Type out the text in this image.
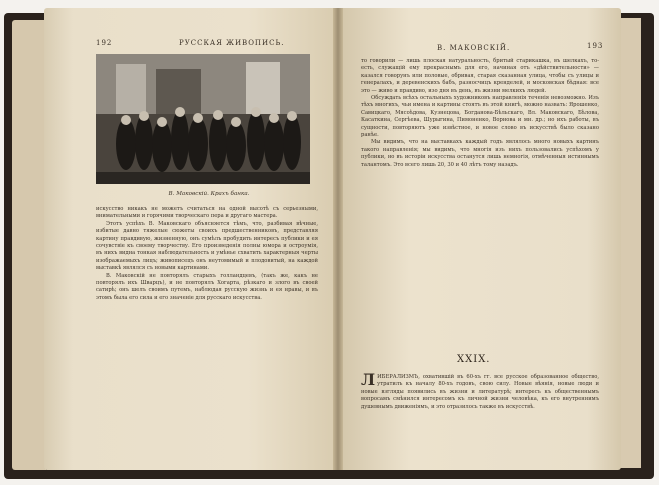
192	РУССКАЯ ЖИВОПИСЬ.
В. Маковскій. Крахъ банка.

искусство никакъ не можетъ считаться на одной высотѣ съ серьезными, внимательными и горячими творческаго пера и другаго мастера.

Этотъ успѣхъ В. Маковскаго объясняется тѣмъ, что, разбивая вѣчные, избитые давно тяжелые сюжеты своихъ предшественниковъ, представляя картину правдивую, жизненную, онъ сумѣлъ пробудить интересъ публики и ея сочувствіе къ своему творчеству. Его произведенія полны юмора и остроумія, въ нихъ видна тонкая наблюдательность и умѣнье схватить характерныя черты изображаемыхъ лицъ; живописецъ онъ неутомимый и плодовитый, на каждой выставкѣ являлся съ новыми картинами.

В. Маковскій не повторялъ старыхъ голландцевъ, (такъ же, какъ не повторялъ ихъ Шварцъ), и не повторялъ Хогарта, рѣзкаго и злого въ своей сатирѣ; онъ шелъ своимъ путемъ, наблюдая русскую жизнь и ея нравы, и въ этомъ была его сила и его значеніе для русскаго искусства.

В. МАКОВСКІЙ.	193

то говорили — лишь плоская натуральность, бритый старикашка, въ шелкахъ, то-есть, служащій ему прекраснымъ для его, начиная отъ «дѣйствительности» — казался говорунъ или половые, обривая, старая сказанная улица, чтобы съ улицы и генералахъ, и деревенскихъ бабъ, разносчицъ кренделей, и московская бѣдная: все это — живо и правдиво, изо дня въ день, въ жизни мелкихъ людей.

Обсуждать всѣхъ остальныхъ художниковъ направленія теченія невозможно. Изъ тѣхъ многихъ, чьи имена и картины стоятъ въ этой книгѣ, можно назвать: Ярошенко, Савицкаго, Мясоѣдова, Кузнецова, Богданова-Бѣльскаго, Вл. Маковскаго, Бѣлова, Касаткина, Сергѣева, Шурыгина, Пимоненко, Ворнова и мн. др.; но ихъ работы, въ сущности, повторяютъ уже извѣстное, и новое слово въ искусствѣ было сказано ранѣе.

Мы видимъ, что на выставкахъ каждый годъ являлось много новыхъ картинъ такого направленія; мы видимъ, что многія изъ нихъ пользовались успѣхомъ у публики, но въ исторіи искусства останутся лишь немногія, отмѣченныя истиннымъ талантомъ. Это всего лишь 20, 30 и 40 лѣтъ тому назадъ.

XXIX.
ЛИБЕРАЛИЗМЪ, охватившій въ 60-хъ гг. все русское образованное общество, утратилъ къ началу 80-хъ годовъ, свою силу. Новые вѣянія, новые люди и новые взгляды появились въ жизни и литературѣ; интересъ къ общественнымъ вопросамъ смѣнился интересомъ къ личной жизни человѣка, къ его внутреннимъ душевнымъ движеніямъ, и это отразилось также въ искусствѣ.
